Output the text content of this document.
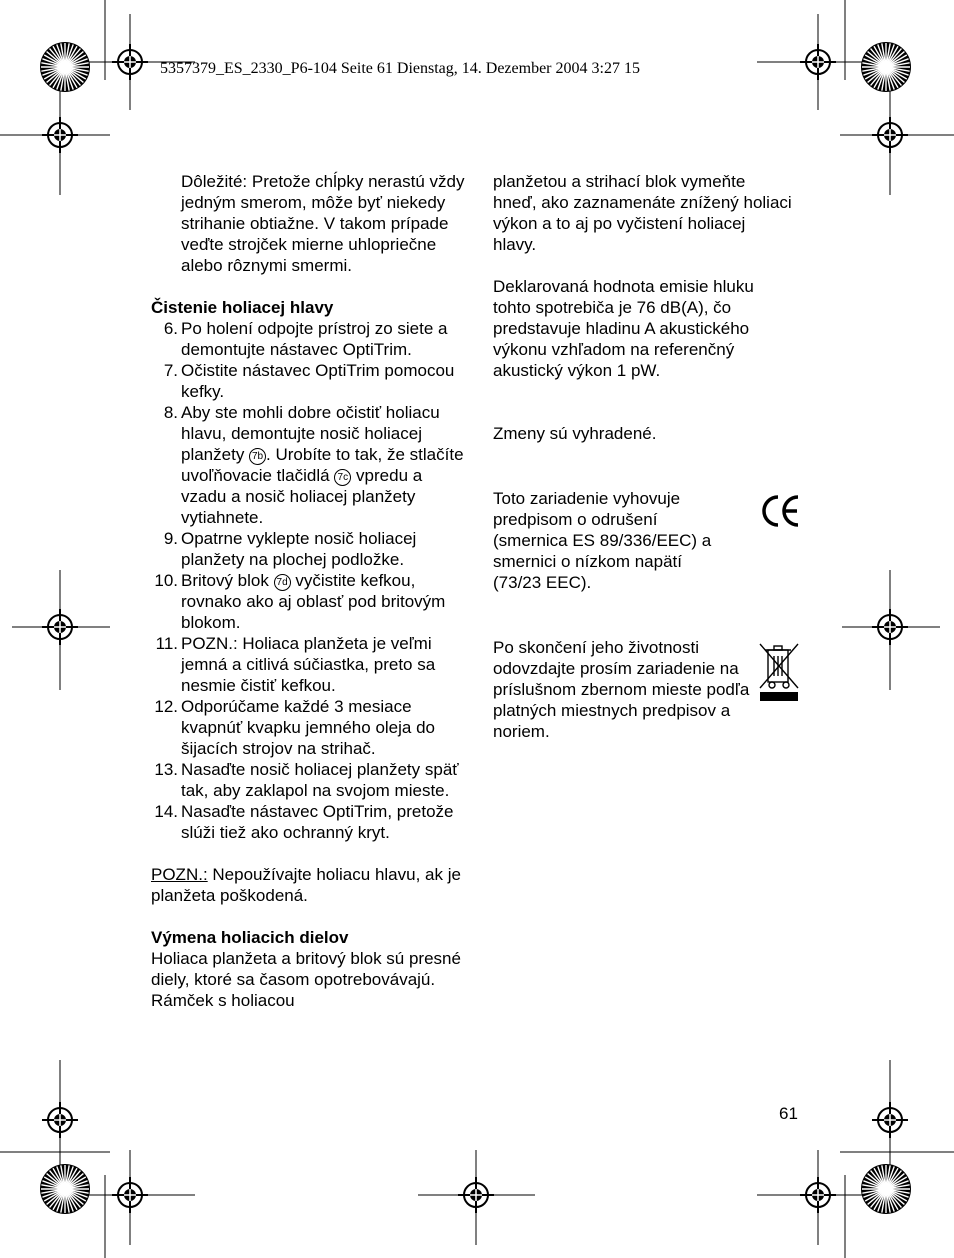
5357379_ES_2330_P6-104 Seite 61 Dienstag, 14. Dezember 2004 3:27 15

Dôležité: Pretože chĺpky nerastú vždy jedným smerom, môže byť niekedy strihanie obtiažne. V takom prípade veďte strojček mierne uhlopriečne alebo rôznymi smermi.

Čistenie holiacej hlavy

6. Po holení odpojte prístroj zo siete a demontujte nástavec OptiTrim.
7. Očistite nástavec OptiTrim pomocou kefky.
8. Aby ste mohli dobre očistiť holiacu hlavu, demontujte nosič holiacej planžety 7b . Urobíte to tak, že stlačíte uvoľňovacie tlačidlá 7c vpredu a vzadu a nosič holiacej planžety vytiahnete.
9. Opatrne vyklepte nosič holiacej planžety na plochej podložke.
10. Britový blok 7d vyčistite kefkou, rovnako ako aj oblasť pod britovým blokom.
11. POZN.: Holiaca planžeta je veľmi jemná a citlivá súčiastka, preto sa nesmie čistiť kefkou.
12. Odporúčame každé 3 mesiace kvapnúť kvapku jemného oleja do šijacích strojov na strihač.
13. Nasaďte nosič holiacej planžety späť tak, aby zaklapol na svojom mieste.
14. Nasaďte nástavec OptiTrim, pretože slúži tiež ako ochranný kryt.

POZN.: Nepoužívajte holiacu hlavu, ak je planžeta poškodená.

Výmena holiacich dielov

Holiaca planžeta a britový blok sú presné diely, ktoré sa časom opotrebovávajú. Rámček s holiacou

planžetou a strihací blok vymeňte hneď, ako zaznamenáte znížený holiaci výkon a to aj po vyčistení holiacej hlavy.

Deklarovaná hodnota emisie hluku tohto spotrebiča je 76 dB(A), čo predstavuje hladinu A akustického výkonu vzhľadom na referenčný akustický výkon 1 pW.

Zmeny sú vyhradené.

Toto zariadenie vyhovuje predpisom o odrušení (smernica ES 89/336/EEC) a smernici o nízkom napätí (73/23 EEC).

Po skončení jeho životnosti odovzdajte prosím zariadenie na príslušnom zbernom mieste podľa platných miestnych predpisov a noriem.

61
